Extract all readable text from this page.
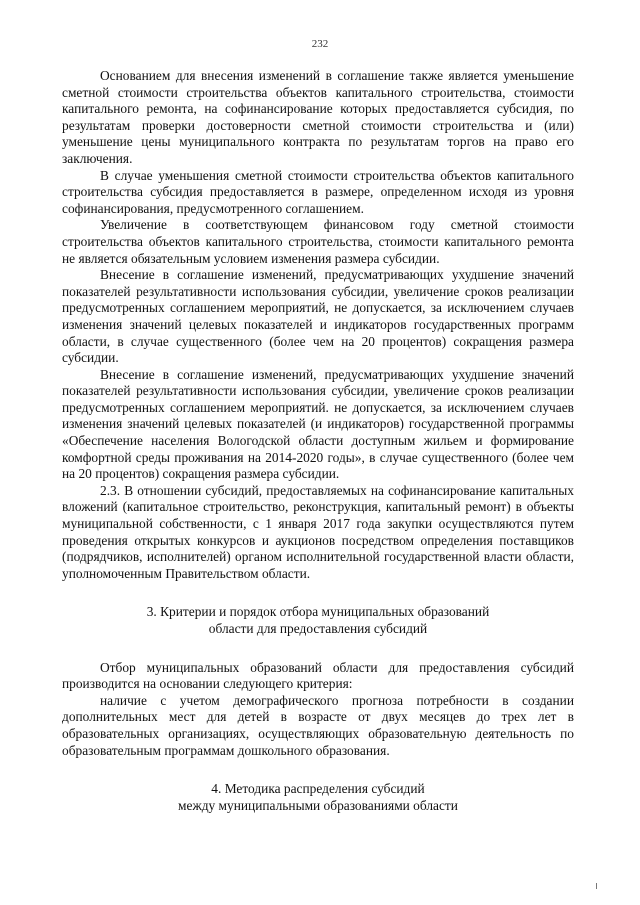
232

Основанием для внесения изменений в соглашение также является уменьшение сметной стоимости строительства объектов капитального строительства, стоимости капитального ремонта, на софинансирование которых предоставляется субсидия, по результатам проверки достоверности сметной стоимости строительства и (или) уменьшение цены муниципального контракта по результатам торгов на право его заключения.

В случае уменьшения сметной стоимости строительства объектов капитального строительства субсидия предоставляется в размере, определенном исходя из уровня софинансирования, предусмотренного соглашением.

Увеличение в соответствующем финансовом году сметной стоимости строительства объектов капитального строительства, стоимости капитального ремонта не является обязательным условием изменения размера субсидии.

Внесение в соглашение изменений, предусматривающих ухудшение значений показателей результативности использования субсидии, увеличение сроков реализации предусмотренных соглашением мероприятий, не допускается, за исключением случаев изменения значений целевых показателей и индикаторов государственных программ области, в случае существенного (более чем на 20 процентов) сокращения размера субсидии.

Внесение в соглашение изменений, предусматривающих ухудшение значений показателей результативности использования субсидии, увеличение сроков реализации предусмотренных соглашением мероприятий. не допускается, за исключением случаев изменения значений целевых показателей (и индикаторов) государственной программы «Обеспечение населения Вологодской области доступным жильем и формирование комфортной среды проживания на 2014-2020 годы», в случае существенного (более чем на 20 процентов) сокращения размера субсидии.

2.3. В отношении субсидий, предоставляемых на софинансирование капитальных вложений (капитальное строительство, реконструкция, капитальный ремонт) в объекты муниципальной собственности, с 1 января 2017 года закупки осуществляются путем проведения открытых конкурсов и аукционов посредством определения поставщиков (подрядчиков, исполнителей) органом исполнительной государственной власти области, уполномоченным Правительством области.

3. Критерии и порядок отбора муниципальных образований
области для предоставления субсидий

Отбор муниципальных образований области для предоставления субсидий производится на основании следующего критерия:

наличие с учетом демографического прогноза потребности в создании дополнительных мест для детей в возрасте от двух месяцев до трех лет в образовательных организациях, осуществляющих образовательную деятельность по образовательным программам дошкольного образования.

4. Методика распределения субсидий
между муниципальными образованиями области
